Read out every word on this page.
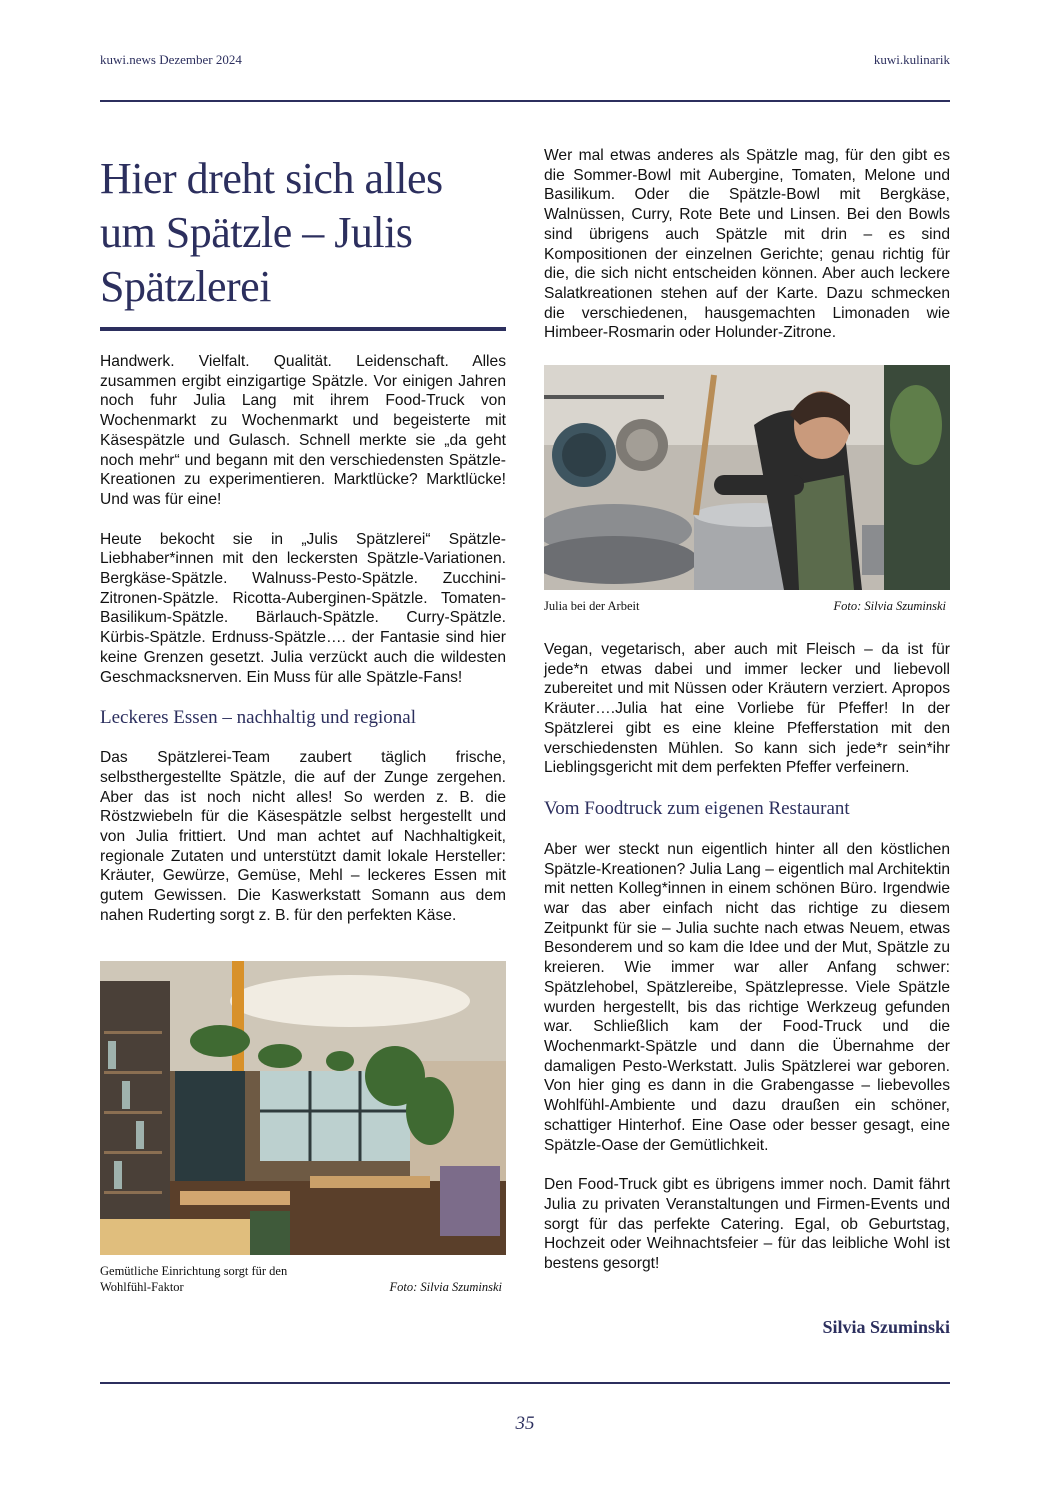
kuwi.news Dezember 2024	kuwi.kulinarik
Hier dreht sich alles um Spätzle – Julis Spätzlerei

Handwerk. Vielfalt. Qualität. Leidenschaft. Alles zusammen ergibt einzigartige Spätzle. Vor einigen Jahren noch fuhr Julia Lang mit ihrem Food-Truck von Wochenmarkt zu Wochenmarkt und begeisterte mit Käsespätzle und Gulasch. Schnell merkte sie „da geht noch mehr“ und begann mit den verschiedensten Spätzle-Kreationen zu experimentieren. Marktlücke? Marktlücke! Und was für eine!

Heute bekocht sie in „Julis Spätzlerei“ Spätzle-Liebhaber*innen mit den leckersten Spätzle-Variationen. Bergkäse-Spätzle. Walnuss-Pesto-Spätzle. Zucchini-Zitronen-Spätzle. Ricotta-Auberginen-Spätzle. Tomaten-Basilikum-Spätzle. Bärlauch-Spätzle. Curry-Spätzle. Kürbis-Spätzle. Erdnuss-Spätzle…. der Fantasie sind hier keine Grenzen gesetzt. Julia verzückt auch die wildesten Geschmacksnerven. Ein Muss für alle Spätzle-Fans!

Leckeres Essen – nachhaltig und regional

Das Spätzlerei-Team zaubert täglich frische, selbsthergestellte Spätzle, die auf der Zunge zergehen. Aber das ist noch nicht alles! So werden z. B. die Röstzwiebeln für die Käsespätzle selbst hergestellt und von Julia frittiert. Und man achtet auf Nachhaltigkeit, regionale Zutaten und unterstützt damit lokale Hersteller: Kräuter, Gewürze, Gemüse, Mehl – leckeres Essen mit gutem Gewissen. Die Kaswerkstatt Somann aus dem nahen Ruderting sorgt z. B. für den perfekten Käse.

Gemütliche Einrichtung sorgt für den Wohlfühl-Faktor	Foto: Silvia Szuminski

Wer mal etwas anderes als Spätzle mag, für den gibt es die Sommer-Bowl mit Aubergine, Tomaten, Melone und Basilikum. Oder die Spätzle-Bowl mit Bergkäse, Walnüssen, Curry, Rote Bete und Linsen. Bei den Bowls sind übrigens auch Spätzle mit drin – es sind Kompositionen der einzelnen Gerichte; genau richtig für die, die sich nicht entscheiden können. Aber auch leckere Salatkreationen stehen auf der Karte. Dazu schmecken die verschiedenen, hausgemachten Limonaden wie Himbeer-Rosmarin oder Holunder-Zitrone.

Julia bei der Arbeit	Foto: Silvia Szuminski

Vegan, vegetarisch, aber auch mit Fleisch – da ist für jede*n etwas dabei und immer lecker und liebevoll zubereitet und mit Nüssen oder Kräutern verziert. Apropos Kräuter….Julia hat eine Vorliebe für Pfeffer! In der Spätzlerei gibt es eine kleine Pfefferstation mit den verschiedensten Mühlen. So kann sich jede*r sein*ihr Lieblingsgericht mit dem perfekten Pfeffer verfeinern.

Vom Foodtruck zum eigenen Restaurant

Aber wer steckt nun eigentlich hinter all den köstlichen Spätzle-Kreationen? Julia Lang – eigentlich mal Architektin mit netten Kolleg*innen in einem schönen Büro. Irgendwie war das aber einfach nicht das richtige zu diesem Zeitpunkt für sie – Julia suchte nach etwas Neuem, etwas Besonderem und so kam die Idee und der Mut, Spätzle zu kreieren. Wie immer war aller Anfang schwer: Spätzlehobel, Spätzlereibe, Spätzlepresse. Viele Spätzle wurden hergestellt, bis das richtige Werkzeug gefunden war. Schließlich kam der Food-Truck und die Wochenmarkt-Spätzle und dann die Übernahme der damaligen Pesto-Werkstatt. Julis Spätzlerei war geboren. Von hier ging es dann in die Grabengasse – liebevolles Wohlfühl-Ambiente und dazu draußen ein schöner, schattiger Hinterhof. Eine Oase oder besser gesagt, eine Spätzle-Oase der Gemütlichkeit.

Den Food-Truck gibt es übrigens immer noch. Damit fährt Julia zu privaten Veranstaltungen und Firmen-Events und sorgt für das perfekte Catering. Egal, ob Geburtstag, Hochzeit oder Weihnachtsfeier – für das leibliche Wohl ist bestens gesorgt!

Silvia Szuminski
35
